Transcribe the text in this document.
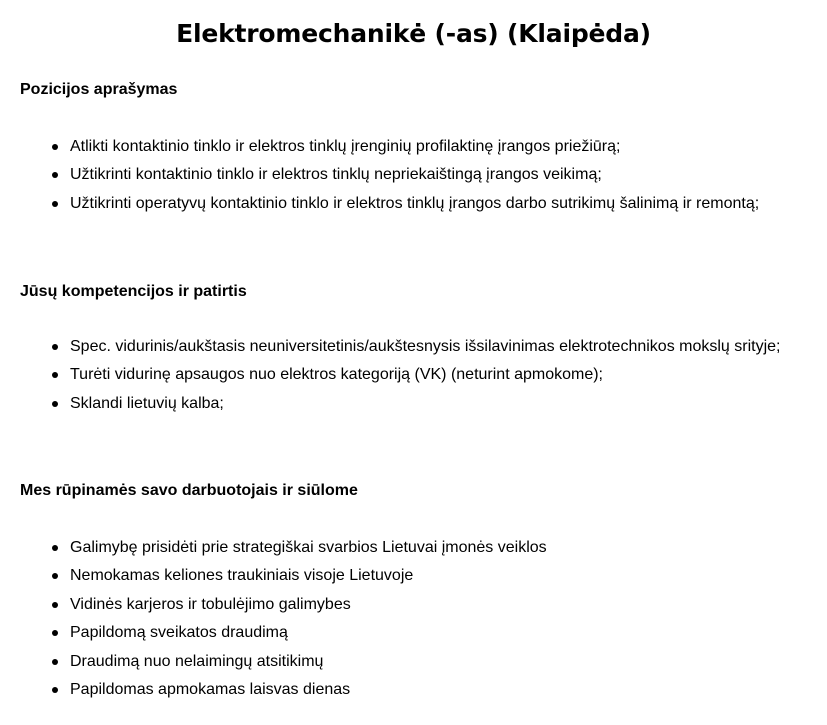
Elektromechanikė (-as) (Klaipėda)
Pozicijos aprašymas
Atlikti kontaktinio tinklo ir elektros tinklų įrenginių profilaktinę įrangos priežiūrą;
Užtikrinti kontaktinio tinklo ir elektros tinklų nepriekaištingą įrangos veikimą;
Užtikrinti operatyvų kontaktinio tinklo ir elektros tinklų įrangos darbo sutrikimų šalinimą ir remontą;
Jūsų kompetencijos ir patirtis
Spec. vidurinis/aukštasis neuniversitetinis/aukštesnysis išsilavinimas elektrotechnikos mokslų srityje;
Turėti vidurinę apsaugos nuo elektros kategoriją (VK) (neturint apmokome);
Sklandi lietuvių kalba;
Mes rūpinamės savo darbuotojais ir siūlome
Galimybę prisidėti prie strategiškai svarbios Lietuvai įmonės veiklos
Nemokamas keliones traukiniais visoje Lietuvoje
Vidinės karjeros ir tobulėjimo galimybes
Papildomą sveikatos draudimą
Draudimą nuo nelaimingų atsitikimų
Papildomas apmokamas laisvas dienas
